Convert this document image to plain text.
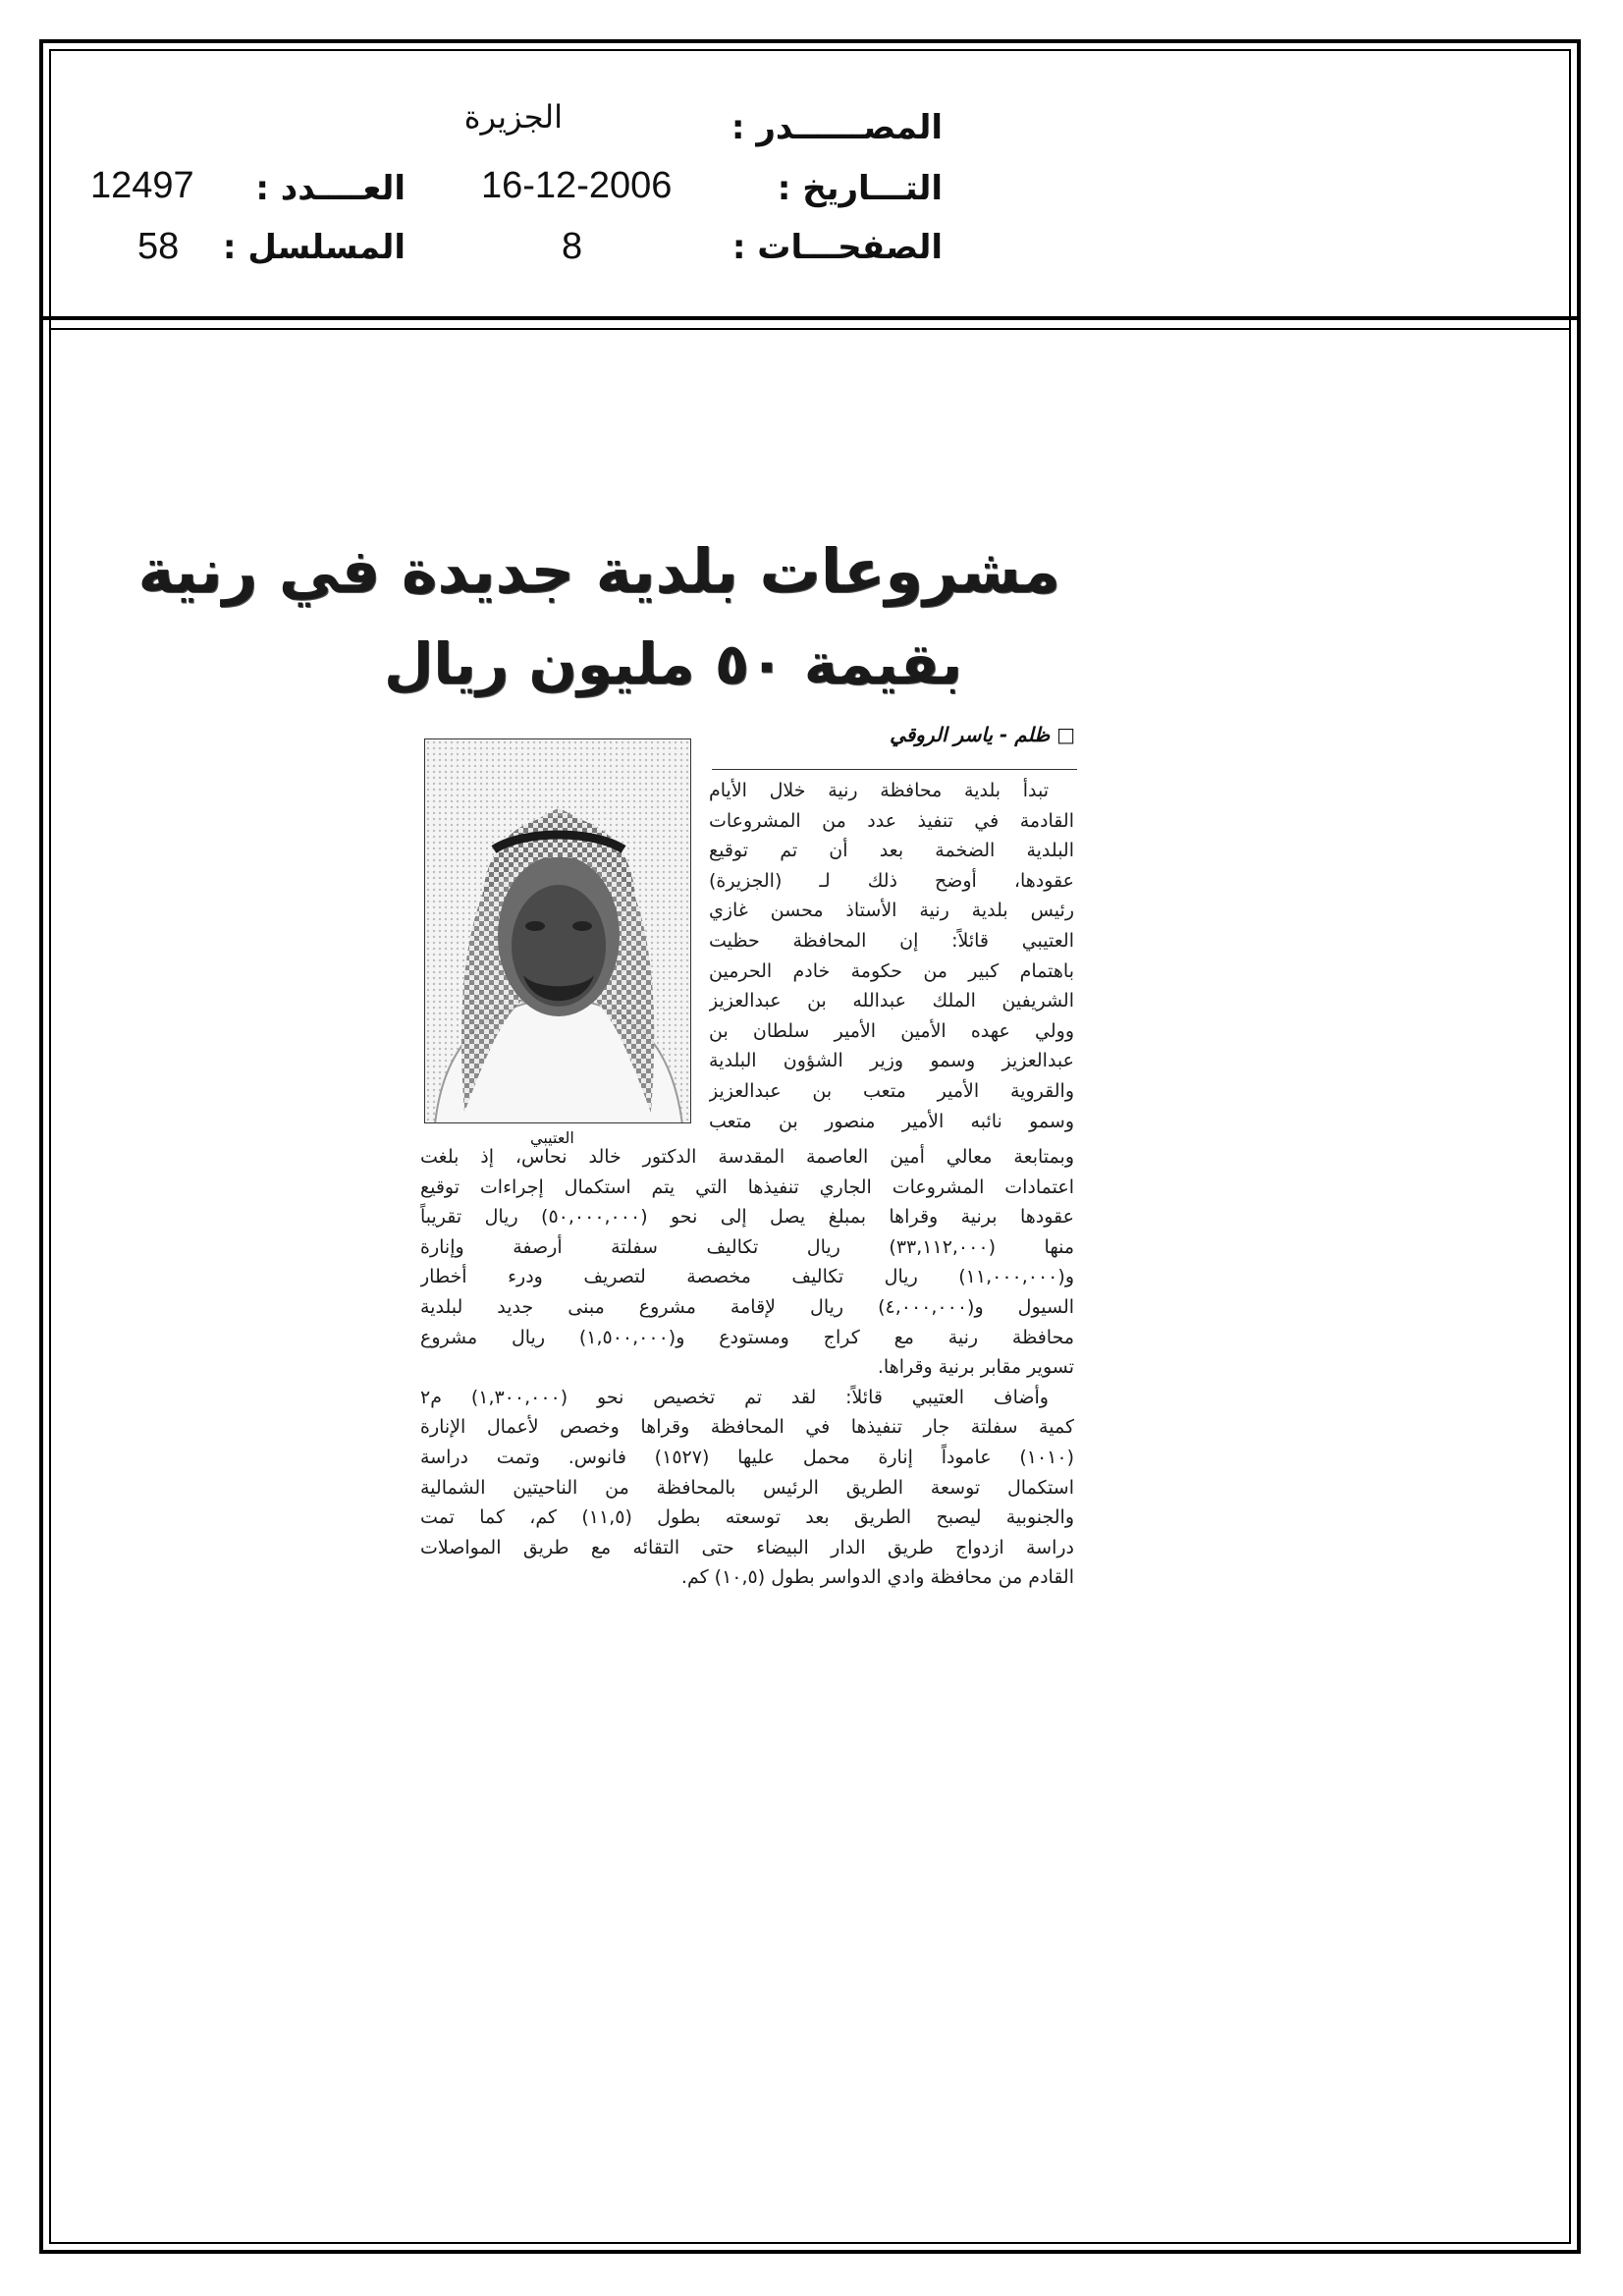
المصــــــدر :
الجزيرة
التـــاريخ :
16-12-2006
الصفحـــات :
8
العــــدد :
12497
المسلسل :
58
مشروعات بلدية جديدة في رنية
بقيمة ٥٠ مليون ريال
□ ظلم - ياسر الروقي
العتيبي
تبدأ بلدية محافظة رنية خلال الأيام
القادمة في تنفيذ عدد من المشروعات
البلدية الضخمة بعد أن تم توقيع
عقودها، أوضح ذلك لـ (الجزيرة)
رئيس بلدية رنية الأستاذ محسن غازي
العتيبي قائلاً: إن المحافظة حظيت
باهتمام كبير من حكومة خادم الحرمين
الشريفين الملك عبدالله بن عبدالعزيز
وولي عهده الأمين الأمير سلطان بن
عبدالعزيز وسمو وزير الشؤون البلدية
والقروية الأمير متعب بن عبدالعزيز
وسمو نائبه الأمير منصور بن متعب
وبمتابعة معالي أمين العاصمة المقدسة الدكتور خالد نحاس، إذ بلغت
اعتمادات المشروعات الجاري تنفيذها التي يتم استكمال إجراءات توقيع
عقودها برنية وقراها بمبلغ يصل إلى نحو (٥٠,٠٠٠,٠٠٠) ريال تقريباً
منها (٣٣,١١٢,٠٠٠) ريال تكاليف سفلتة أرصفة وإنارة
و(١١,٠٠٠,٠٠٠) ريال تكاليف مخصصة لتصريف ودرء أخطار
السيول و(٤,٠٠٠,٠٠٠) ريال لإقامة مشروع مبنى جديد لبلدية
محافظة رنية مع كراج ومستودع و(١,٥٠٠,٠٠٠) ريال مشروع
تسوير مقابر برنية وقراها.
وأضاف العتيبي قائلاً: لقد تم تخصيص نحو (١,٣٠٠,٠٠٠) م٢
كمية سفلتة جار تنفيذها في المحافظة وقراها وخصص لأعمال الإنارة
(١٠١٠) عاموداً إنارة محمل عليها (١٥٢٧) فانوس. وتمت دراسة
استكمال توسعة الطريق الرئيس بالمحافظة من الناحيتين الشمالية
والجنوبية ليصبح الطريق بعد توسعته بطول (١١,٥) كم، كما تمت
دراسة ازدواج طريق الدار البيضاء حتى التقائه مع طريق المواصلات
القادم من محافظة وادي الدواسر بطول (١٠,٥) كم.
